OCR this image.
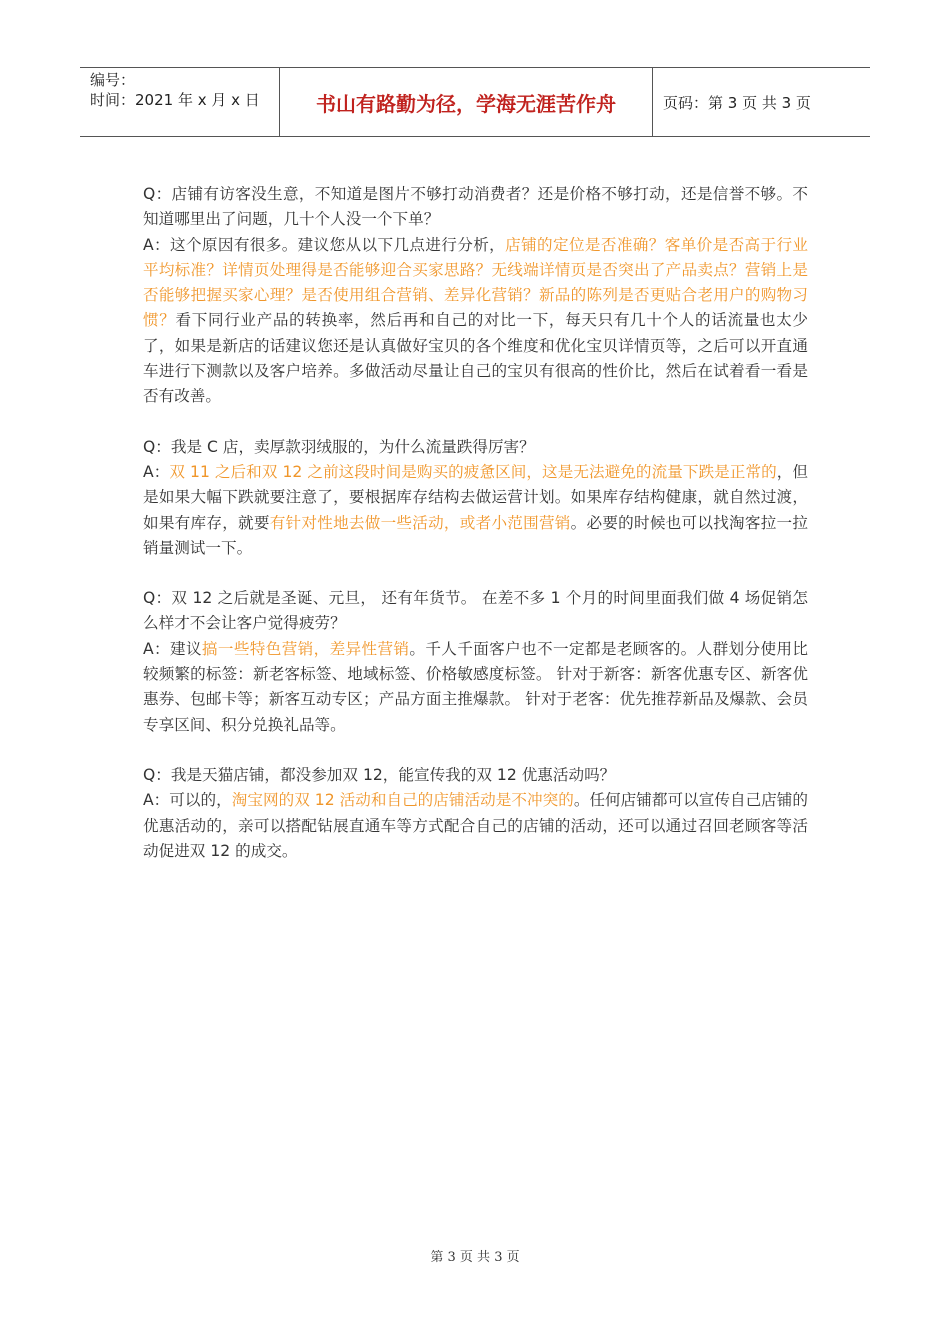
编号：
时间：2021 年 x 月 x 日	书山有路勤为径，学海无涯苦作舟	页码：第 3 页 共 3 页

Q：店铺有访客没生意，不知道是图片不够打动消费者？还是价格不够打动，还是信誉不够。不知道哪里出了问题，几十个人没一个下单？

A：这个原因有很多。建议您从以下几点进行分析，店铺的定位是否准确？客单价是否高于行业平均标准？详情页处理得是否能够迎合买家思路？无线端详情页是否突出了产品卖点？营销上是否能够把握买家心理？是否使用组合营销、差异化营销？新品的陈列是否更贴合老用户的购物习惯？看下同行业产品的转换率，然后再和自己的对比一下，每天只有几十个人的话流量也太少了，如果是新店的话建议您还是认真做好宝贝的各个维度和优化宝贝详情页等，之后可以开直通车进行下测款以及客户培养。多做活动尽量让自己的宝贝有很高的性价比，然后在试着看一看是否有改善。

Q：我是 C 店，卖厚款羽绒服的，为什么流量跌得厉害？

A：双 11 之后和双 12 之前这段时间是购买的疲惫区间，这是无法避免的流量下跌是正常的，但是如果大幅下跌就要注意了，要根据库存结构去做运营计划。如果库存结构健康，就自然过渡，如果有库存，就要有针对性地去做一些活动，或者小范围营销。必要的时候也可以找淘客拉一拉销量测试一下。

Q：双 12 之后就是圣诞、元旦， 还有年货节。 在差不多 1 个月的时间里面我们做 4 场促销怎么样才不会让客户觉得疲劳？

A：建议搞一些特色营销，差异性营销。千人千面客户也不一定都是老顾客的。人群划分使用比较频繁的标签：新老客标签、地域标签、价格敏感度标签。 针对于新客：新客优惠专区、新客优惠券、包邮卡等；新客互动专区；产品方面主推爆款。 针对于老客：优先推荐新品及爆款、会员专享区间、积分兑换礼品等。

Q：我是天猫店铺，都没参加双 12，能宣传我的双 12 优惠活动吗？

A：可以的，淘宝网的双 12 活动和自己的店铺活动是不冲突的。任何店铺都可以宣传自己店铺的优惠活动的，亲可以搭配钻展直通车等方式配合自己的店铺的活动，还可以通过召回老顾客等活动促进双 12 的成交。

第 3 页 共 3 页
